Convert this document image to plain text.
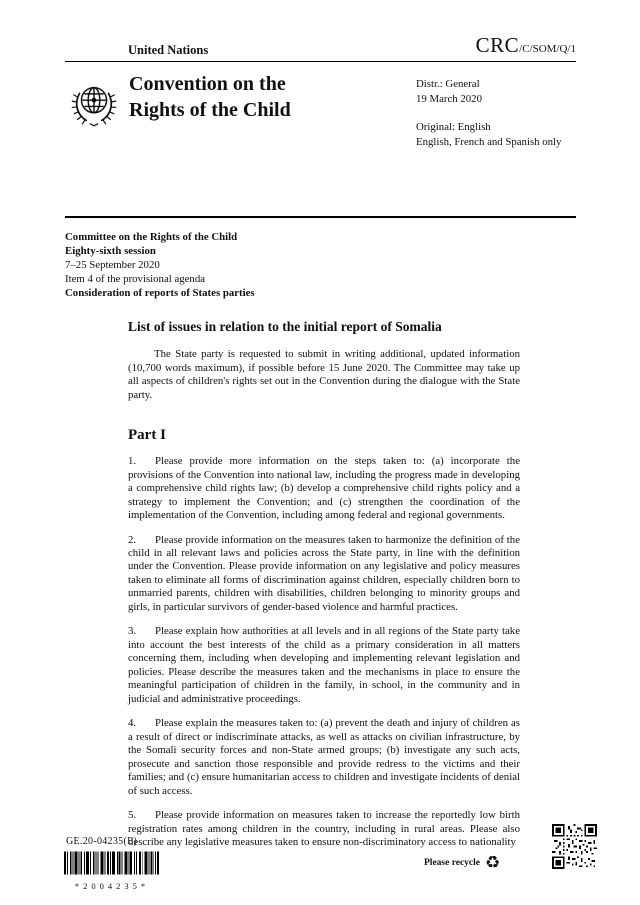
United Nations	CRC /C/SOM/Q/1
Convention on the
Rights of the Child
Distr.: General
19 March 2020
Original: English
English, French and Spanish only
Committee on the Rights of the Child
Eighty-sixth session
7–25 September 2020
Item 4 of the provisional agenda
Consideration of reports of States parties
List of issues in relation to the initial report of Somalia

The State party is requested to submit in writing additional, updated information (10,700 words maximum), if possible before 15 June 2020. The Committee may take up all aspects of children's rights set out in the Convention during the dialogue with the State party.

Part I

1. Please provide more information on the steps taken to: (a) incorporate the provisions of the Convention into national law, including the progress made in developing a comprehensive child rights law; (b) develop a comprehensive child rights policy and a strategy to implement the Convention; and (c) strengthen the coordination of the implementation of the Convention, including among federal and regional governments.

2. Please provide information on the measures taken to harmonize the definition of the child in all relevant laws and policies across the State party, in line with the definition under the Convention. Please provide information on any legislative and policy measures taken to eliminate all forms of discrimination against children, especially children born to unmarried parents, children with disabilities, children belonging to minority groups and girls, in particular survivors of gender-based violence and harmful practices.

3. Please explain how authorities at all levels and in all regions of the State party take into account the best interests of the child as a primary consideration in all matters concerning them, including when developing and implementing relevant legislation and policies. Please describe the measures taken and the mechanisms in place to ensure the meaningful participation of children in the family, in school, in the community and in judicial and administrative proceedings.

4. Please explain the measures taken to: (a) prevent the death and injury of children as a result of direct or indiscriminate attacks, as well as attacks on civilian infrastructure, by the Somali security forces and non-State armed groups; (b) investigate any such acts, prosecute and sanction those responsible and provide redress to the victims and their families; and (c) ensure humanitarian access to children and investigate incidents of denial of such access.

5. Please provide information on measures taken to increase the reportedly low birth registration rates among children in the country, including in rural areas. Please also describe any legislative measures taken to ensure non-discriminatory access to nationality

GE.20-04235(E)
*2004235*
Please recycle ♻
